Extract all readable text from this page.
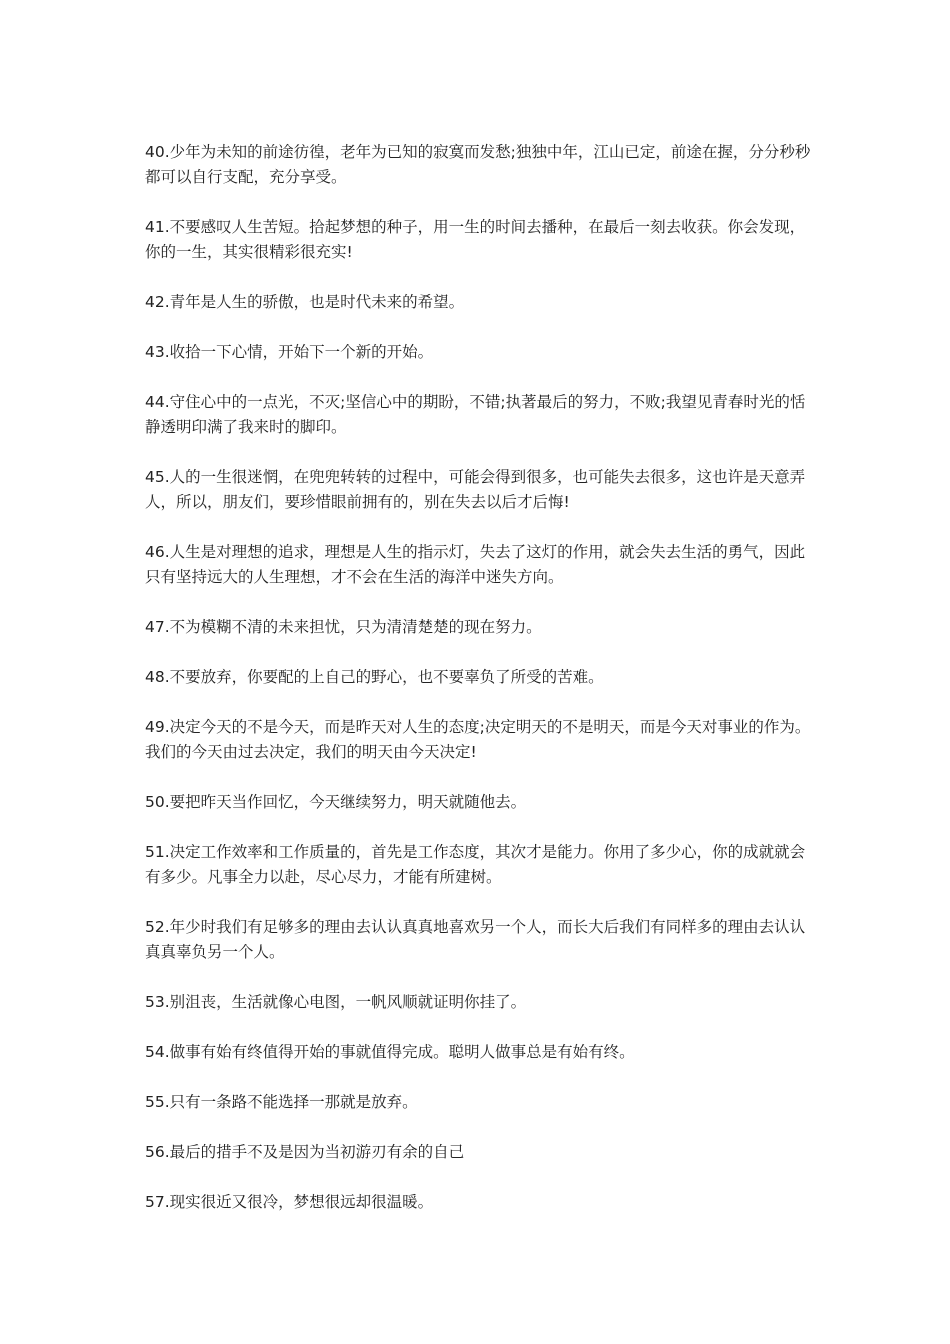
40.少年为未知的前途彷徨，老年为已知的寂寞而发愁;独独中年，江山已定，前途在握，分分秒秒都可以自行支配，充分享受。

41.不要感叹人生苦短。拾起梦想的种子，用一生的时间去播种，在最后一刻去收获。你会发现，你的一生，其实很精彩很充实!

42.青年是人生的骄傲，也是时代未来的希望。

43.收拾一下心情，开始下一个新的开始。

44.守住心中的一点光，不灭;坚信心中的期盼，不错;执著最后的努力，不败;我望见青春时光的恬静透明印满了我来时的脚印。

45.人的一生很迷惘，在兜兜转转的过程中，可能会得到很多，也可能失去很多，这也许是天意弄人，所以，朋友们，要珍惜眼前拥有的，别在失去以后才后悔!

46.人生是对理想的追求，理想是人生的指示灯，失去了这灯的作用，就会失去生活的勇气，因此只有坚持远大的人生理想，才不会在生活的海洋中迷失方向。

47.不为模糊不清的未来担忧，只为清清楚楚的现在努力。

48.不要放弃，你要配的上自己的野心，也不要辜负了所受的苦难。

49.决定今天的不是今天，而是昨天对人生的态度;决定明天的不是明天，而是今天对事业的作为。我们的今天由过去决定，我们的明天由今天决定!

50.要把昨天当作回忆，今天继续努力，明天就随他去。

51.决定工作效率和工作质量的，首先是工作态度，其次才是能力。你用了多少心，你的成就就会有多少。凡事全力以赴，尽心尽力，才能有所建树。

52.年少时我们有足够多的理由去认认真真地喜欢另一个人，而长大后我们有同样多的理由去认认真真辜负另一个人。

53.别沮丧，生活就像心电图，一帆风顺就证明你挂了。

54.做事有始有终值得开始的事就值得完成。聪明人做事总是有始有终。

55.只有一条路不能选择一那就是放弃。

56.最后的措手不及是因为当初游刃有余的自己

57.现实很近又很冷，梦想很远却很温暖。
